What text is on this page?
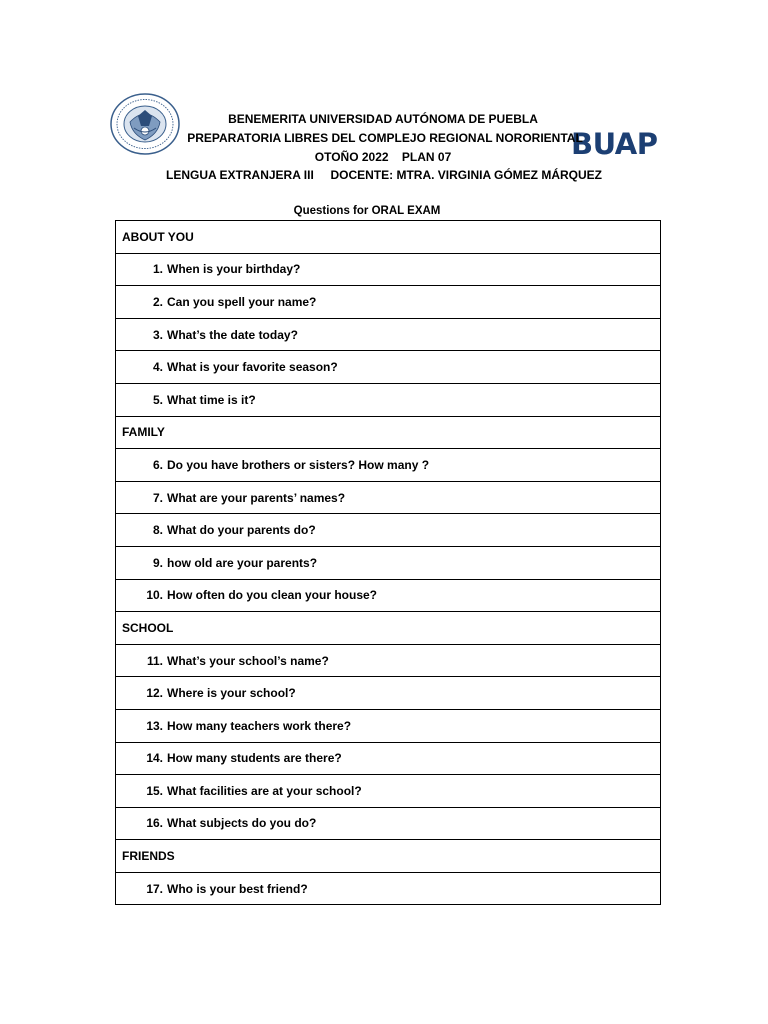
BUAP
BENEMERITA UNIVERSIDAD AUTÓNOMA DE PUEBLA
PREPARATORIA LIBRES DEL COMPLEJO REGIONAL NORORIENTAL
OTOÑO 2022    PLAN 07
LENGUA EXTRANJERA III     DOCENTE: MTRA. VIRGINIA GÓMEZ MÁRQUEZ
Questions for ORAL EXAM
ABOUT YOU
1. When is your birthday?
2. Can you spell your name?
3. What’s the date today?
4. What is your favorite season?
5. What time is it?
FAMILY
6. Do you have brothers or sisters? How many ?
7. What are your parents’ names?
8. What do your parents do?
9. how old are your parents?
10. How often do you clean your house?
SCHOOL
11. What’s your school’s name?
12. Where is your school?
13. How many teachers work there?
14. How many students are there?
15. What facilities are at your school?
16. What subjects do you do?
FRIENDS
17. Who is your best friend?
